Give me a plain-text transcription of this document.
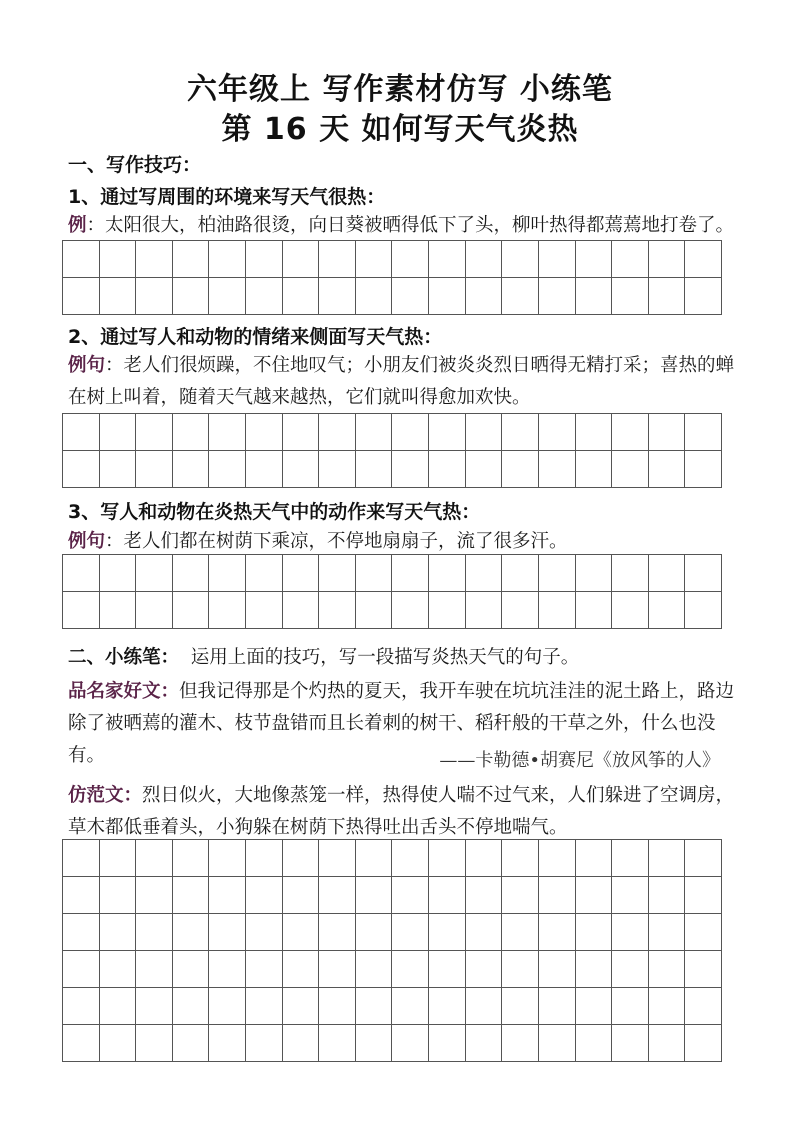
六年级上 写作素材仿写 小练笔
第 16 天 如何写天气炎热
一、写作技巧：
1、通过写周围的环境来写天气很热：
例：太阳很大，柏油路很烫，向日葵被晒得低下了头，柳叶热得都蔫蔫地打卷了。
2、通过写人和动物的情绪来侧面写天气热：
例句：老人们很烦躁，不住地叹气；小朋友们被炎炎烈日晒得无精打采；喜热的蝉在树上叫着，随着天气越来越热，它们就叫得愈加欢快。
3、写人和动物在炎热天气中的动作来写天气热：
例句：老人们都在树荫下乘凉，不停地扇扇子，流了很多汗。
二、小练笔： 运用上面的技巧，写一段描写炎热天气的句子。
品名家好文：但我记得那是个灼热的夏天，我开车驶在坑坑洼洼的泥土路上，路边除了被晒蔫的灌木、枝节盘错而且长着刺的树干、稻秆般的干草之外，什么也没有。	——卡勒德•胡赛尼《放风筝的人》
仿范文：烈日似火，大地像蒸笼一样，热得使人喘不过气来，人们躲进了空调房，草木都低垂着头，小狗躲在树荫下热得吐出舌头不停地喘气。
